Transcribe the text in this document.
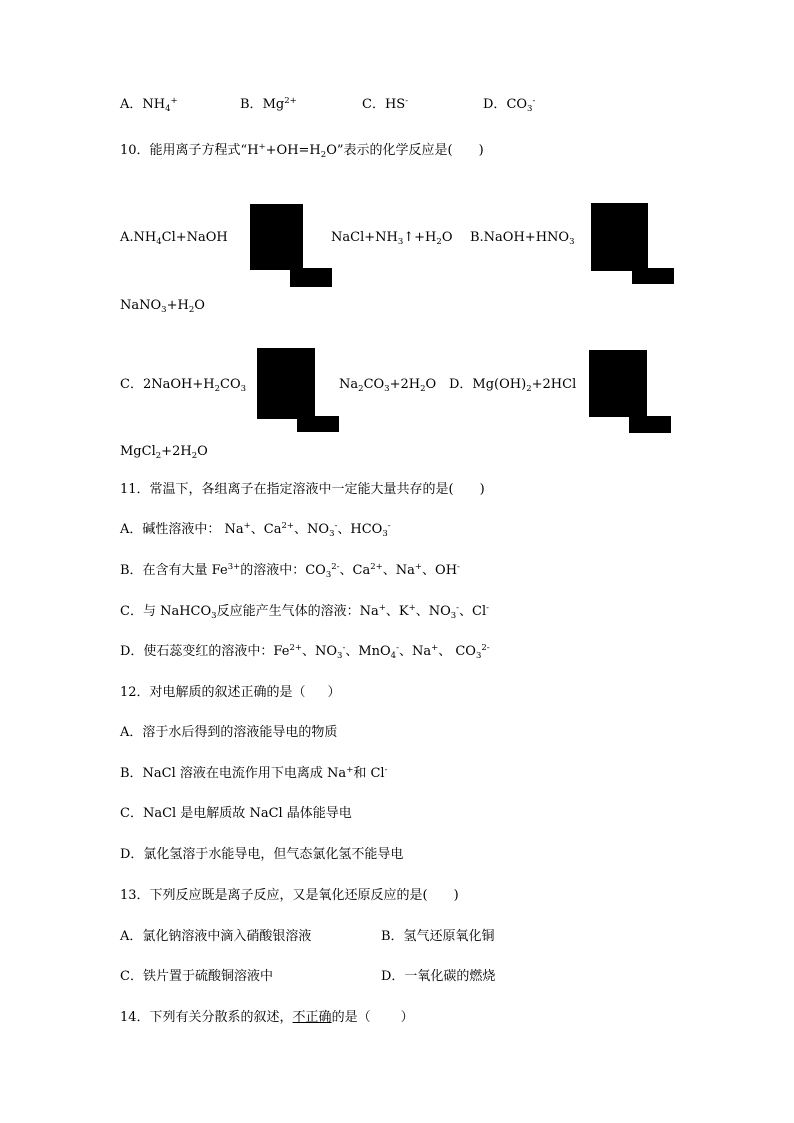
A．$NH_4^+$	B．$Mg^{2+}$	C．HS-	D．$CO_3^-$
10．能用离子方程式“$H^++OH=H_2O$”表示的化学反应是( )
$A.NH_4Cl+NaOH$	$NaCl+NH_3↑+H_2O$ $B.NaOH+HNO_3$
$NaNO_3+H_2O$
C．$2NaOH+H_2CO_3$	$Na_2CO_3+2H_2O$ D．$Mg(OH)_2+2HCl$
$MgCl_2+2H_2O$
11．常温下，各组离子在指定溶液中一定能大量共存的是( )
A．碱性溶液中： Na+、$Ca^{2+}$、$NO_3^-$、$HCO_3^-$
B．在含有大量 $Fe^{3+}$的溶液中：$CO_3^{2-}$、$Ca^{2+}$、Na+、OH-
C．与 NaHCO$_3$反应能产生气体的溶液：Na+、K+、$NO_3^-$、Cl-
D．使石蕊变红的溶液中：$Fe^{2+}$、$NO_3^-$、MnO$_4$-、Na+、 $CO_3^{2-}$
12．对电解质的叙述正确的是（ ）
A．溶于水后得到的溶液能导电的物质
B．NaCl 溶液在电流作用下电离成 Na+和 Cl-
C．NaCl 是电解质故 NaCl 晶体能导电
D．氯化氢溶于水能导电，但气态氯化氢不能导电
13．下列反应既是离子反应，又是氧化还原反应的是( )
A．氯化钠溶液中滴入硝酸银溶液	B．氢气还原氧化铜
C．铁片置于硫酸铜溶液中	D．一氧化碳的燃烧
14．下列有关分散系的叙述，不正确的是（ ）
